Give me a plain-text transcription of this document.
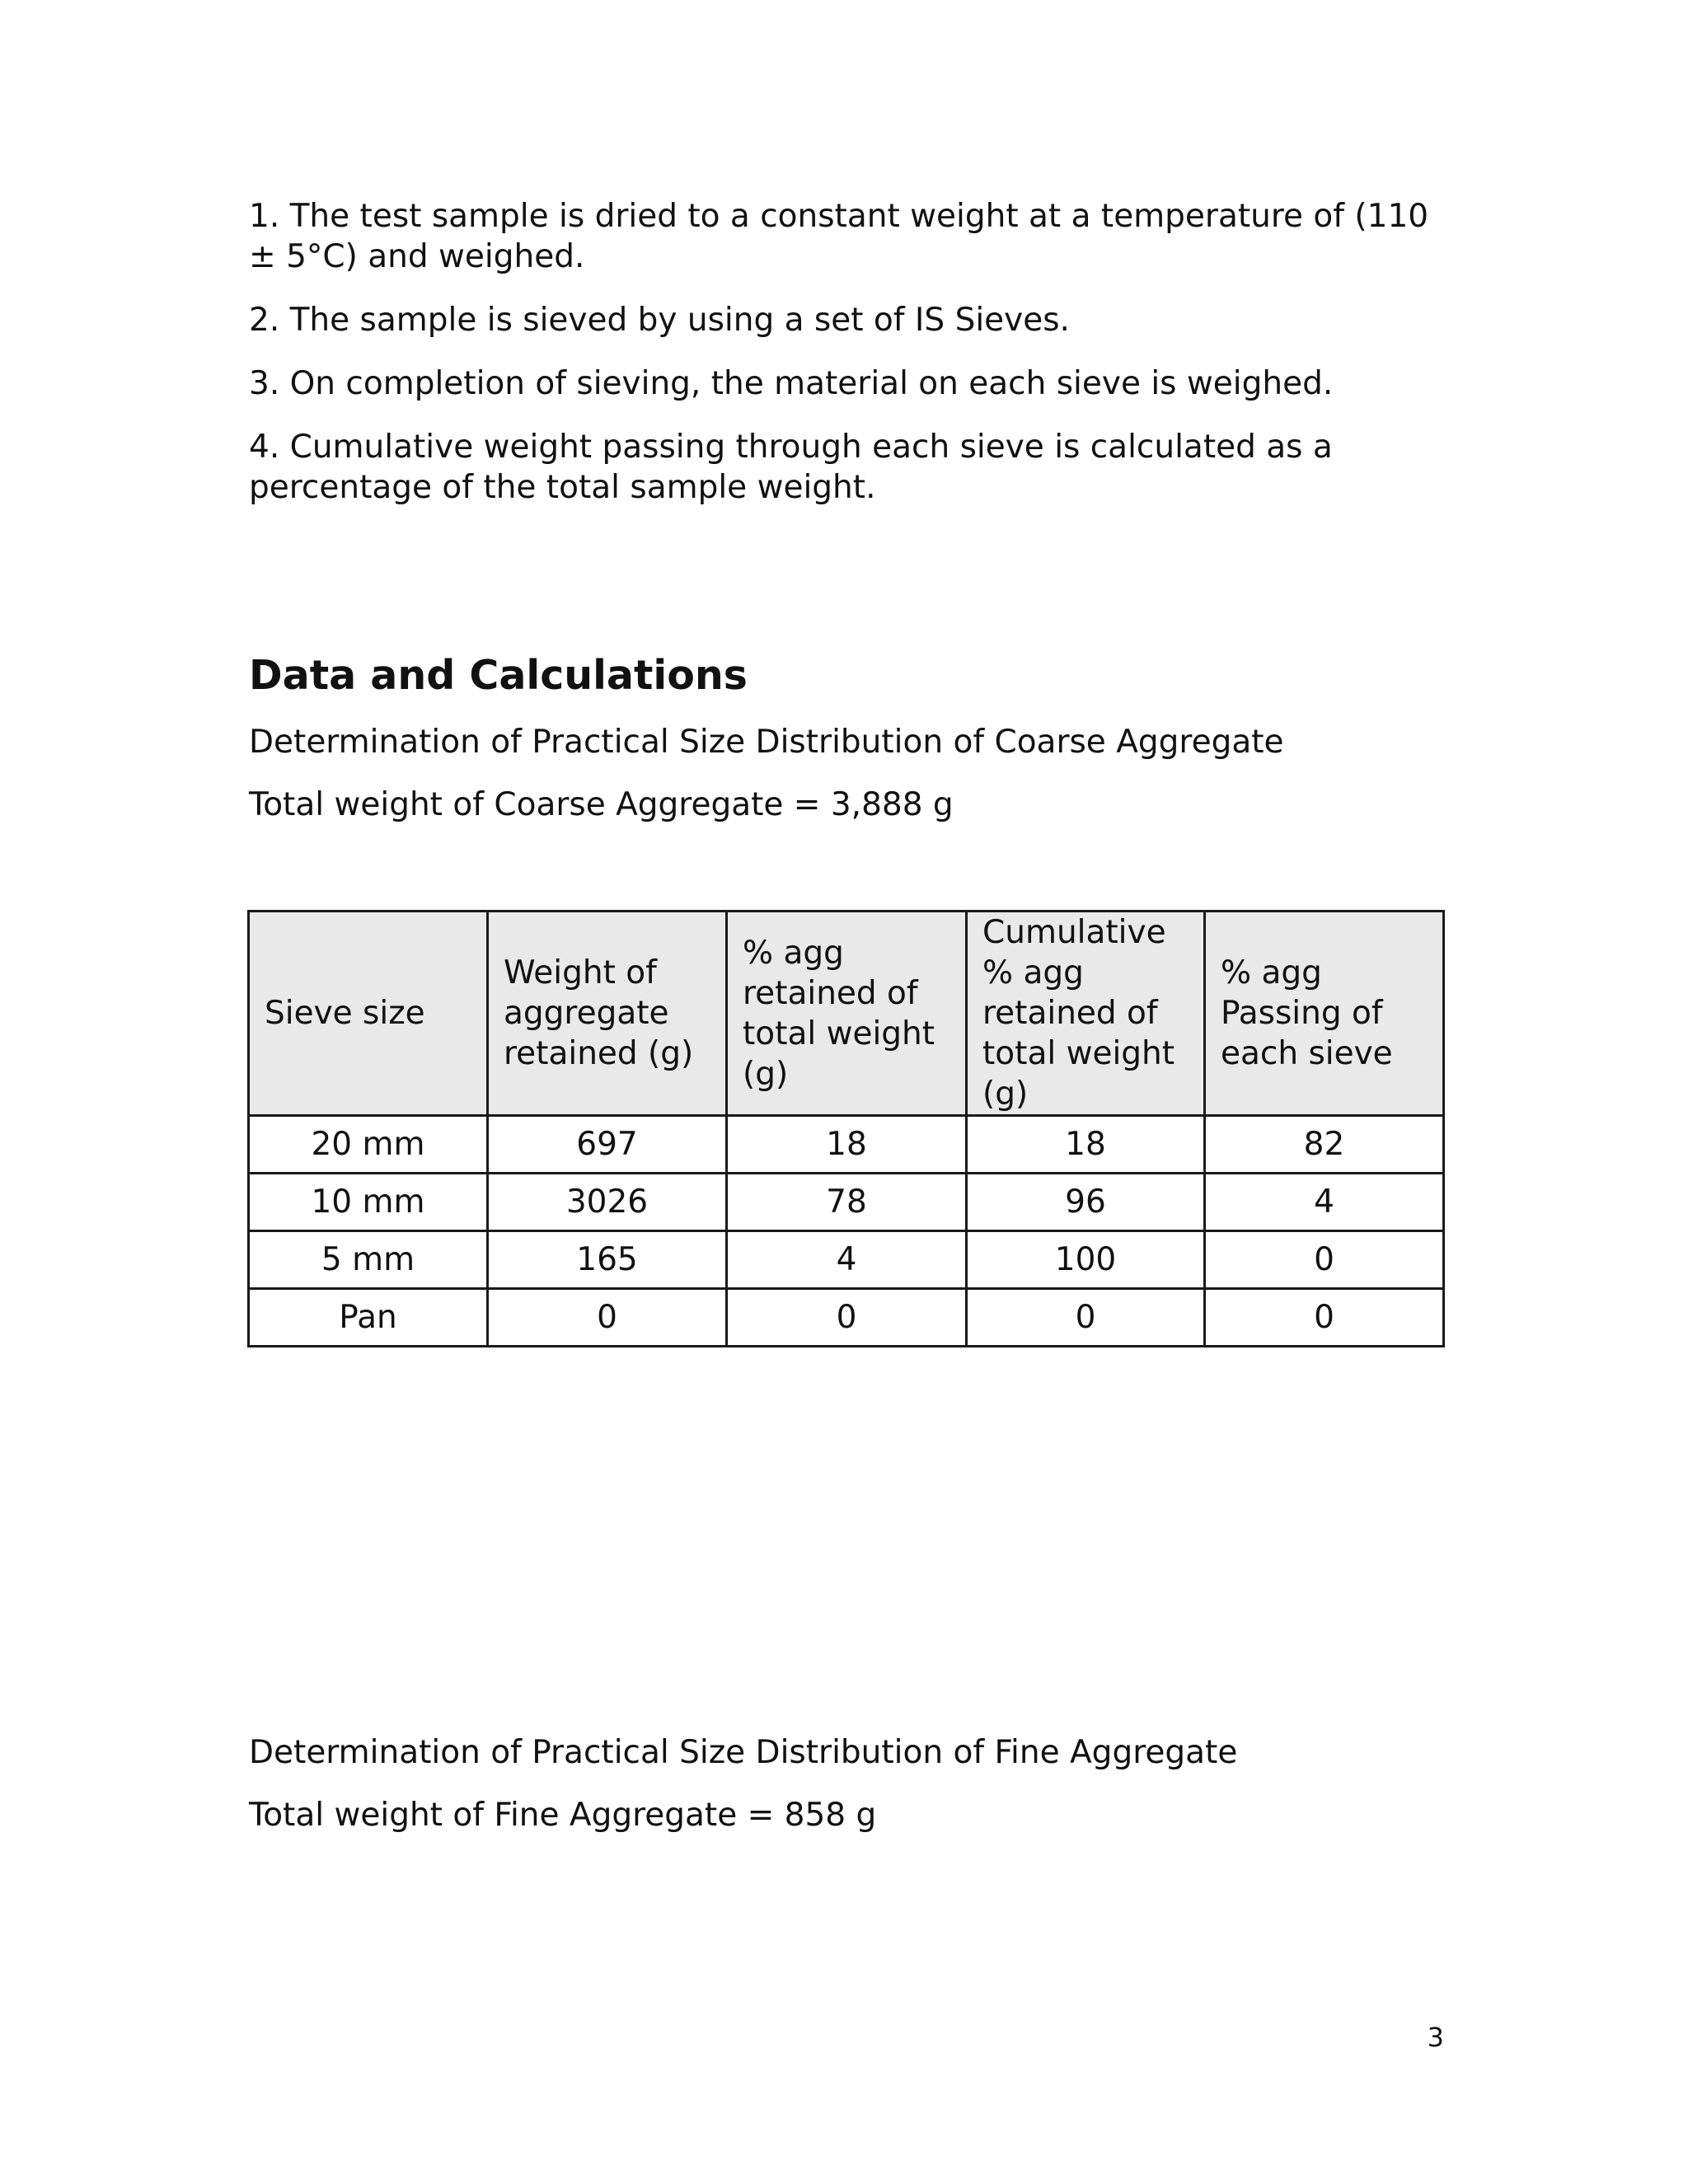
1. The test sample is dried to a constant weight at a temperature of (110 ± 5°C) and weighed.
2. The sample is sieved by using a set of IS Sieves.
3. On completion of sieving, the material on each sieve is weighed.
4. Cumulative weight passing through each sieve is calculated as a percentage of the total sample weight.
Data and Calculations

Determination of Practical Size Distribution of Coarse Aggregate

Total weight of Coarse Aggregate = 3,888 g

Sieve size	Weight of aggregate retained (g)	% agg retained of total weight (g)	Cumulative % agg retained of total weight (g)	% agg Passing of each sieve
20 mm	697	18	18	82
10 mm	3026	78	96	4
5 mm	165	4	100	0
Pan	0	0	0	0

Determination of Practical Size Distribution of Fine Aggregate

Total weight of Fine Aggregate = 858 g

3
